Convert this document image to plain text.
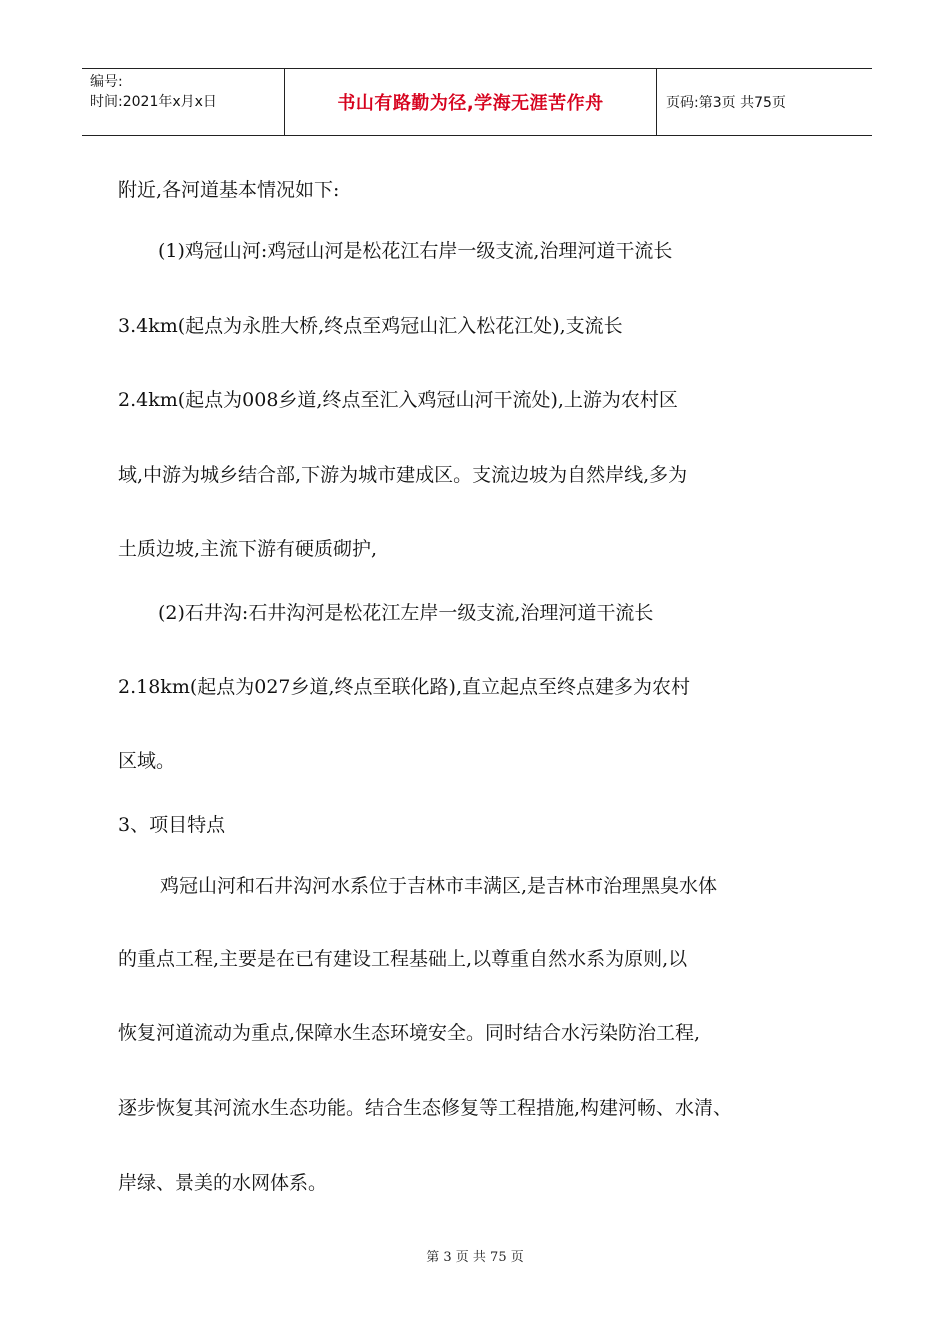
编号:
时间:2021年x月x日	书山有路勤为径,学海无涯苦作舟	页码:第3页 共75页
附近,各河道基本情况如下:
(1)鸡冠山河:鸡冠山河是松花江右岸一级支流,治理河道干流长
3.4km(起点为永胜大桥,终点至鸡冠山汇入松花江处),支流长
2.4km(起点为008乡道,终点至汇入鸡冠山河干流处),上游为农村区
域,中游为城乡结合部,下游为城市建成区。支流边坡为自然岸线,多为
土质边坡,主流下游有硬质砌护,
(2)石井沟:石井沟河是松花江左岸一级支流,治理河道干流长
2.18km(起点为027乡道,终点至联化路),直立起点至终点建多为农村
区域。
3、项目特点
鸡冠山河和石井沟河水系位于吉林市丰满区,是吉林市治理黑臭水体
的重点工程,主要是在已有建设工程基础上,以尊重自然水系为原则,以
恢复河道流动为重点,保障水生态环境安全。同时结合水污染防治工程,
逐步恢复其河流水生态功能。结合生态修复等工程措施,构建河畅、水清、
岸绿、景美的水网体系。
第 3 页 共 75 页
